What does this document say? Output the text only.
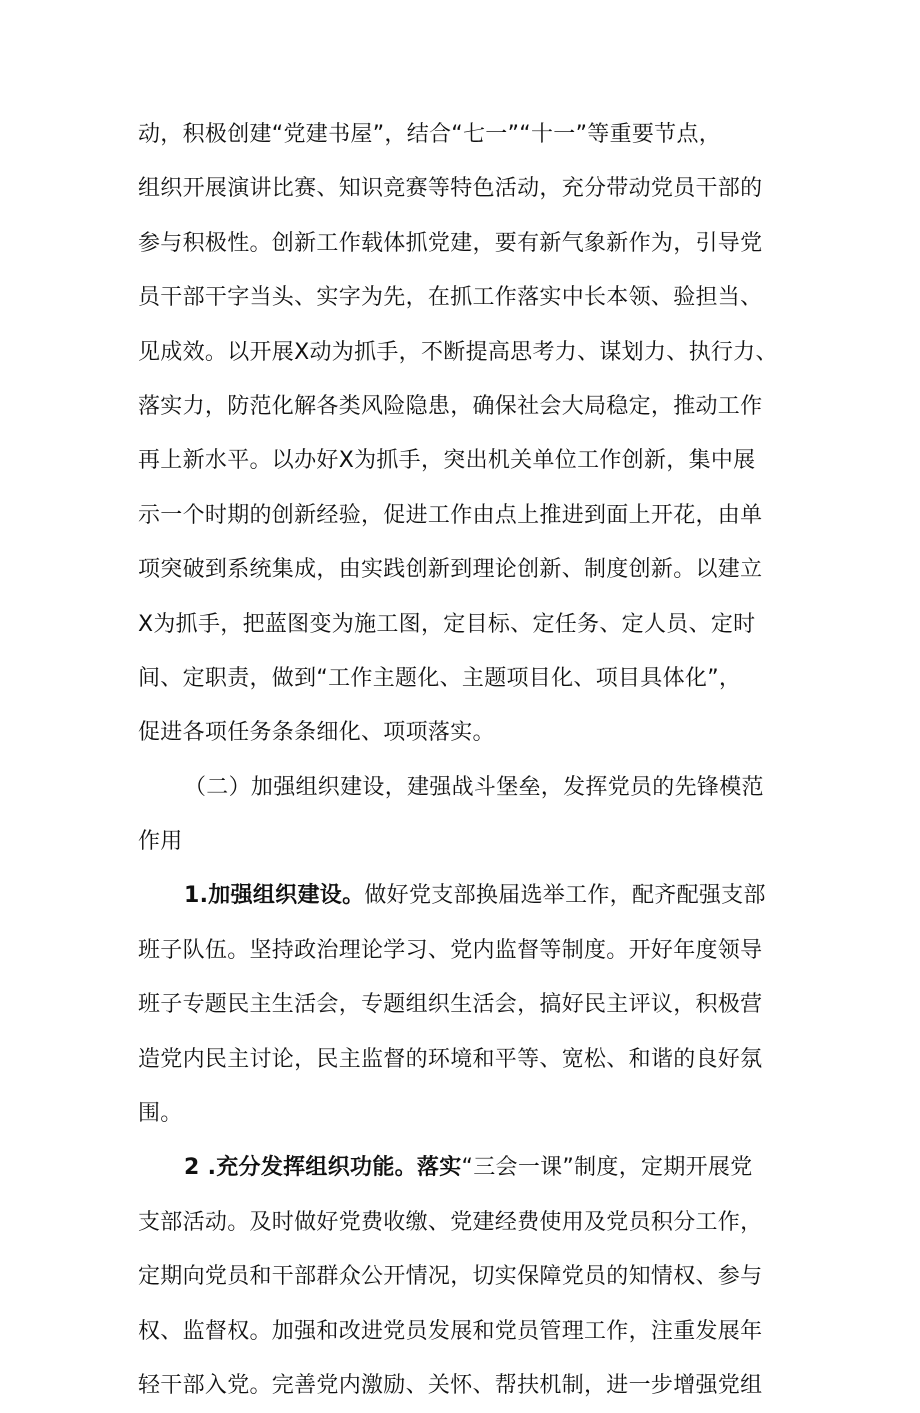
动，积极创建“党建书屋”，结合“七一”“十一”等重要节点，
组织开展演讲比赛、知识竞赛等特色活动，充分带动党员干部的
参与积极性。创新工作载体抓党建，要有新气象新作为，引导党
员干部干字当头、实字为先，在抓工作落实中长本领、验担当、
见成效。以开展X动为抓手，不断提高思考力、谋划力、执行力、
落实力，防范化解各类风险隐患，确保社会大局稳定，推动工作
再上新水平。以办好X为抓手，突出机关单位工作创新，集中展
示一个时期的创新经验，促进工作由点上推进到面上开花，由单
项突破到系统集成，由实践创新到理论创新、制度创新。以建立
X为抓手，把蓝图变为施工图，定目标、定任务、定人员、定时
间、定职责，做到“工作主题化、主题项目化、项目具体化”，
促进各项任务条条细化、项项落实。
（二）加强组织建设，建强战斗堡垒，发挥党员的先锋模范
作用
1.加强组织建设。做好党支部换届选举工作，配齐配强支部
班子队伍。坚持政治理论学习、党内监督等制度。开好年度领导
班子专题民主生活会，专题组织生活会，搞好民主评议，积极营
造党内民主讨论，民主监督的环境和平等、宽松、和谐的良好氛
围。
2 .充分发挥组织功能。落实“三会一课”制度，定期开展党
支部活动。及时做好党费收缴、党建经费使用及党员积分工作，
定期向党员和干部群众公开情况，切实保障党员的知情权、参与
权、监督权。加强和改进党员发展和党员管理工作，注重发展年
轻干部入党。完善党内激励、关怀、帮扶机制，进一步增强党组
